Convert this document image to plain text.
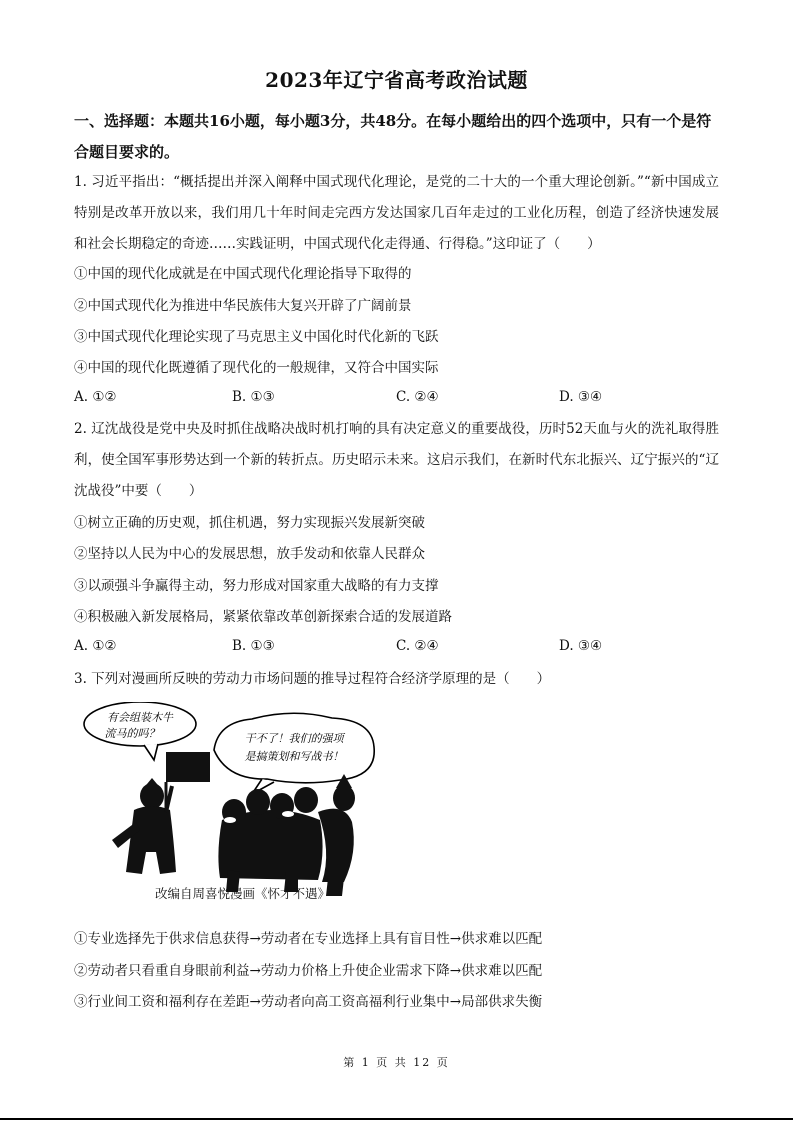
2023年辽宁省高考政治试题
一、选择题：本题共16小题，每小题3分，共48分。在每小题给出的四个选项中，只有一个是符合题目要求的。
1. 习近平指出：“概括提出并深入阐释中国式现代化理论，是党的二十大的一个重大理论创新。”“新中国成立特别是改革开放以来，我们用几十年时间走完西方发达国家几百年走过的工业化历程，创造了经济快速发展和社会长期稳定的奇迹……实践证明，中国式现代化走得通、行得稳。”这印证了（　　）
①中国的现代化成就是在中国式现代化理论指导下取得的
②中国式现代化为推进中华民族伟大复兴开辟了广阔前景
③中国式现代化理论实现了马克思主义中国化时代化新的飞跃
④中国的现代化既遵循了现代化的一般规律，又符合中国实际
A. ①②	B. ①③	C. ②④	D. ③④
2. 辽沈战役是党中央及时抓住战略决战时机打响的具有决定意义的重要战役，历时52天血与火的洗礼取得胜利，使全国军事形势达到一个新的转折点。历史昭示未来。这启示我们，在新时代东北振兴、辽宁振兴的“辽沈战役”中要（　　）
①树立正确的历史观，抓住机遇，努力实现振兴发展新突破
②坚持以人民为中心的发展思想，放手发动和依靠人民群众
③以顽强斗争赢得主动，努力形成对国家重大战略的有力支撑
④积极融入新发展格局，紧紧依靠改革创新探索合适的发展道路
A. ①②	B. ①③	C. ②④	D. ③④
3. 下列对漫画所反映的劳动力市场问题的推导过程符合经济学原理的是（　　）
有会组装木牛
流马的吗？	干不了！我们的强项
是搞策划和写战书！
改编自周喜悦漫画《怀才不遇》
①专业选择先于供求信息获得→劳动者在专业选择上具有盲目性→供求难以匹配
②劳动者只看重自身眼前利益→劳动力价格上升使企业需求下降→供求难以匹配
③行业间工资和福利存在差距→劳动者向高工资高福利行业集中→局部供求失衡
第 1 页 共 12 页
